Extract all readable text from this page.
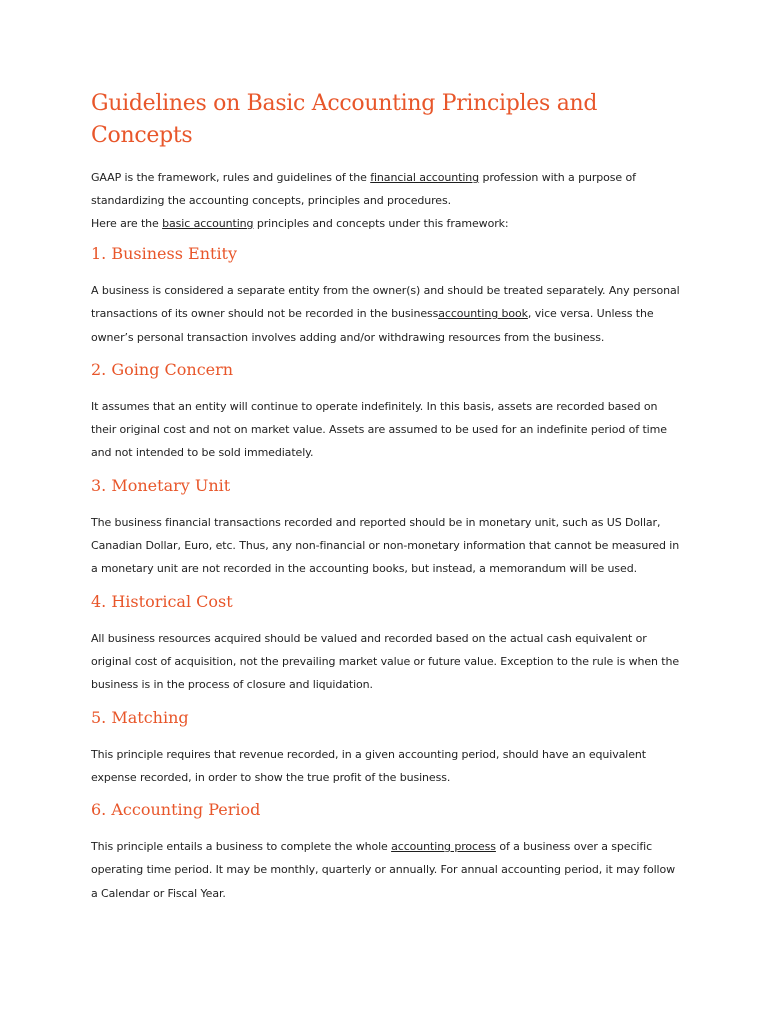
Guidelines on Basic Accounting Principles and Concepts

GAAP is the framework, rules and guidelines of the financial accounting profession with a purpose of standardizing the accounting concepts, principles and procedures.

Here are the basic accounting principles and concepts under this framework:

1. Business Entity

A business is considered a separate entity from the owner(s) and should be treated separately. Any personal transactions of its owner should not be recorded in the businessaccounting book, vice versa. Unless the owner’s personal transaction involves adding and/or withdrawing resources from the business.

2. Going Concern

It assumes that an entity will continue to operate indefinitely. In this basis, assets are recorded based on their original cost and not on market value. Assets are assumed to be used for an indefinite period of time and not intended to be sold immediately.

3. Monetary Unit

The business financial transactions recorded and reported should be in monetary unit, such as US Dollar, Canadian Dollar, Euro, etc. Thus, any non-financial or non-monetary information that cannot be measured in a monetary unit are not recorded in the accounting books, but instead, a memorandum will be used.

4. Historical Cost

All business resources acquired should be valued and recorded based on the actual cash equivalent or original cost of acquisition, not the prevailing market value or future value. Exception to the rule is when the business is in the process of closure and liquidation.

5. Matching

This principle requires that revenue recorded, in a given accounting period, should have an equivalent expense recorded, in order to show the true profit of the business.

6. Accounting Period

This principle entails a business to complete the whole accounting process of a business over a specific operating time period. It may be monthly, quarterly or annually. For annual accounting period, it may follow a Calendar or Fiscal Year.
